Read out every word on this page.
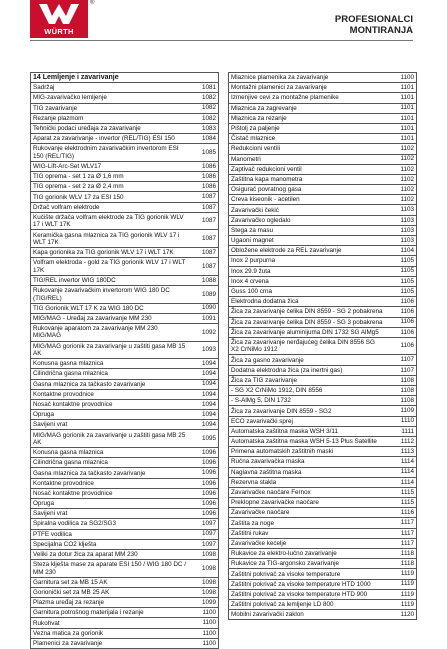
WÜRTH
®
PROFESIONALCI
MONTIRANJA
14 Lemljenje i zavarivanje
Sadržaj	1081
MIG-zavarivačko lemljenje	1082
TIG zavarivanje	1082
Rezanje plazmom	1082
Tehnički podaci uređaja za zavarivanje	1083
Aparat za zavarivanje - invertor (REL/TIG) ESI 150	1084
Rukovanje elektrodnim zavarivačkim invertorom ESI 150 (REL/TIG)
1085
WIG-Lift-Arc-Set WLV17	1086
TIG oprema - set 1 za Ø 1,6 mm	1086
TIG oprema - set 2 za Ø 2,4 mm	1086
TIG gorionik WLV 17 za ESI 150	1087
Držač volfram elektrode	1087
Kučište držača volfram elektrode za TIG gorionik WLV 17 i WLT 17K
1087
Keramička gasna mlaznica za TIG gorionik WLV 17 i WLT 17K
1087
Kapa gorionika za TIG gorionik WLV 17 i WLT 17K	1087
Volfram elektroda - gold za TIG gorionik WLV 17 i WLT 17K
1087
TIG/REL invertor WIG 180DC	1088
Rukovanje zavarivačkim invertorom WIG 180 DC (TIG/REL)
1089
TIG Gorionik WLT 17 K za WIG 180 DC	1090
MIG/MAG - Uređaj za zavarivanje MM 230	1091
Rukovanje aparatom za zavarivanje MM 230 MIG/MAG
1092
MIG/MAG gorionik za zavarivanje u zaštiti gasa MB 15 AK
1093
Konusna gasna mlaznica	1094
Cilindrična gasna mlaznica	1094
Gasna mlaznica za tačkasto zavarivanje	1094
Kontaktne provodnice	1094
Nosač kontaktne provodnice	1094
Opruga	1094
Savijeni vrat	1094
MIG/MAG gorionik za zavarivanje u zaštiti gasa MB 25 AK
1095
Konusna gasna mlaznica	1096
Cilindrična gasna mlaznica	1096
Gasna mlaznica za tačkasto zavarivanje	1096
Kontaktne provodnice	1096
Nosač kontaktne provodnice	1096
Opruga	1096
Savijeni vrat	1096
Spiralna vodilica za SG2/SG3	1097
PTFE vodilica	1097
Specijalna CO2 klješta	1097
Veliki za dotur žica za aparat MM 230	1098
Steza klješta mase za aparate ESI 150 / WIG 180 DC / MM 230
1098
Garnitura set za MB 15 AK	1098
Gorionički set za MB 25 AK	1098
Plazma uređaj za rezanje	1099
Garnitura potrošnog materijala i rezanje	1100
Rukohvat	1100
Vezna matica za gorionik	1100
Plamenici za zavarivanje	1100
Mlaznice plamenika za zavarivanje	1100
Montažni plamenici za zavarivanje	1101
Izmenjive cevi za montažne plamenike	1101
Mlaznica za zagrevanje	1101
Mlaznica za rezanje	1101
Pištolj za paljenje	1101
Čistač mlaznice	1101
Redukcioni ventili	1102
Manometri	1102
Zaptivač redukcioni ventil	1102
Zaštitna kapa manometra	1102
Osigurač povratnog gasa	1102
Creva kiseonik - acetilen	1102
Zavarivački čekić	1103
Zavarivačko ogledalo	1103
Stega za masu	1103
Ugaoni magnet	1103
Obložene elektrode za REL zavarivanje	1104
Inox 2 purpurna	1105
Inox 29.9 žuta	1105
Inox 4 crvena	1105
Guss 100 crna	1105
Elektrodna dodatna žica	1106
Žica za zavarivanje čelika DIN 8559 - SG 2 pobakrena	1106
Žica za zavarivanje čelika DIN 8559 - SG 3 pobakrena	1106
Žica za zavarivanje aluminijuma DIN 1732 SG AlMg5	1106
Žica za zavarivanje nerđajućeg čelika DIN 8556 SG X2 CrNiMo 1912
1106
Žica za gasno zavarivanje	1107
Dodatna elektrodna žica (za inertni gas)	1107
Žica za TIG zavarivanje	1108
- SG X2 CrNiMo 1912, DIN 8556	1108
- S-AlMg 5, DIN 1732	1108
Žica za zavarivanje DIN 8559 - SG2	1109
ECO zavarivački sprej	1110
Automatska zaštitna maska WSH 3/11	1111
Automatska zaštitna maska WSH 5-13 Plus Satellite	1112
Primena automatskih zaštitnih maski	1113
Ručna zavarivačka maska	1114
Naglavna zaštitna maska	1114
Rezervna stakla	1114
Zavarivačke naočare Fernox	1115
Preklopne zavarivačke naočare	1115
Zavarivačke naočare	1116
Zaštita za noge	1117
Zaštitni rukav	1117
Zavarivačke kecelje	1117
Rukavice za elektro-lučno zavarivanje	1118
Rukavice za TIG-argonsko zavarivanje	1118
Zaštitni pokrivač za visoke temperature	1119
Zaštitni pokrivač za visoke temperature HTD 1000	1119
Zaštitni pokrivač za visoke temperature HTD 900	1119
Zaštitni pokrivač za lemljenje LD 800	1119
Mobilni zavarivački zaklon	1120
